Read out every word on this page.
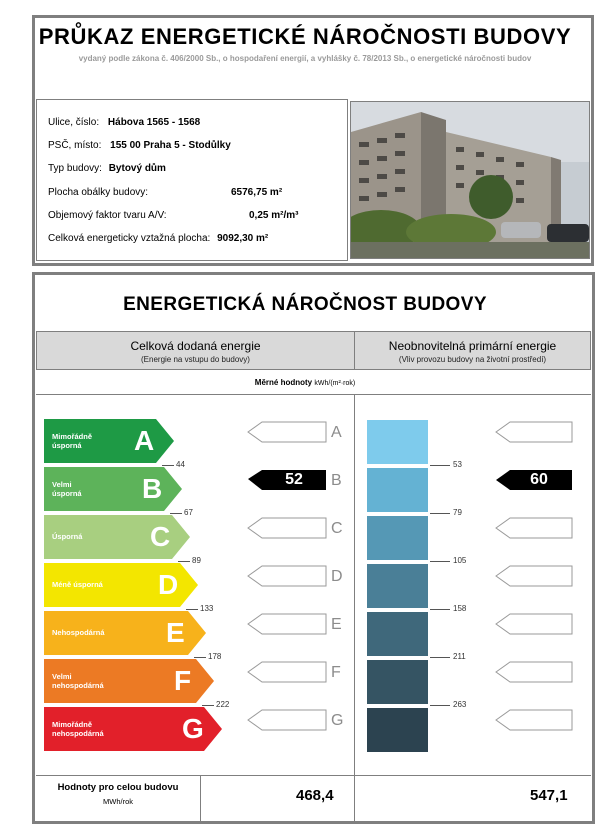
PRŮKAZ ENERGETICKÉ NÁROČNOSTI BUDOVY
vydaný podle zákona č. 406/2000 Sb., o hospodaření energií, a vyhlášky č. 78/2013 Sb., o energetické náročnosti budov
Ulice, číslo: Hábova 1565 - 1568
PSČ, místo: 155 00 Praha 5 - Stodůlky
Typ budovy: Bytový dům
Plocha obálky budovy:	6576,75 m²
Objemový faktor tvaru A/V:	0,25 m²/m³
Celková energeticky vztažná plocha: 9092,30 m²
ENERGETICKÁ NÁROČNOST BUDOVY
Celková dodaná energie
(Energie na vstupu do budovy)
Neobnovitelná primární energie
(Vliv provozu budovy na životní prostředí)
Měrné hodnoty kWh/(m²·rok)
Mimořádně
úsporná	A
44
A
53
Velmi
úsporná B
67
52	B
79
60
Úsporná C
89
C
105
Méně úsporná D
133
D
158
Nehospodárná E
178
E
211
Velmi
nehospodárná	F
222
F
263
Mimořádně
nehospodárná	G	G
Hodnoty pro celou budovu
MWh/rok	468,4	547,1
